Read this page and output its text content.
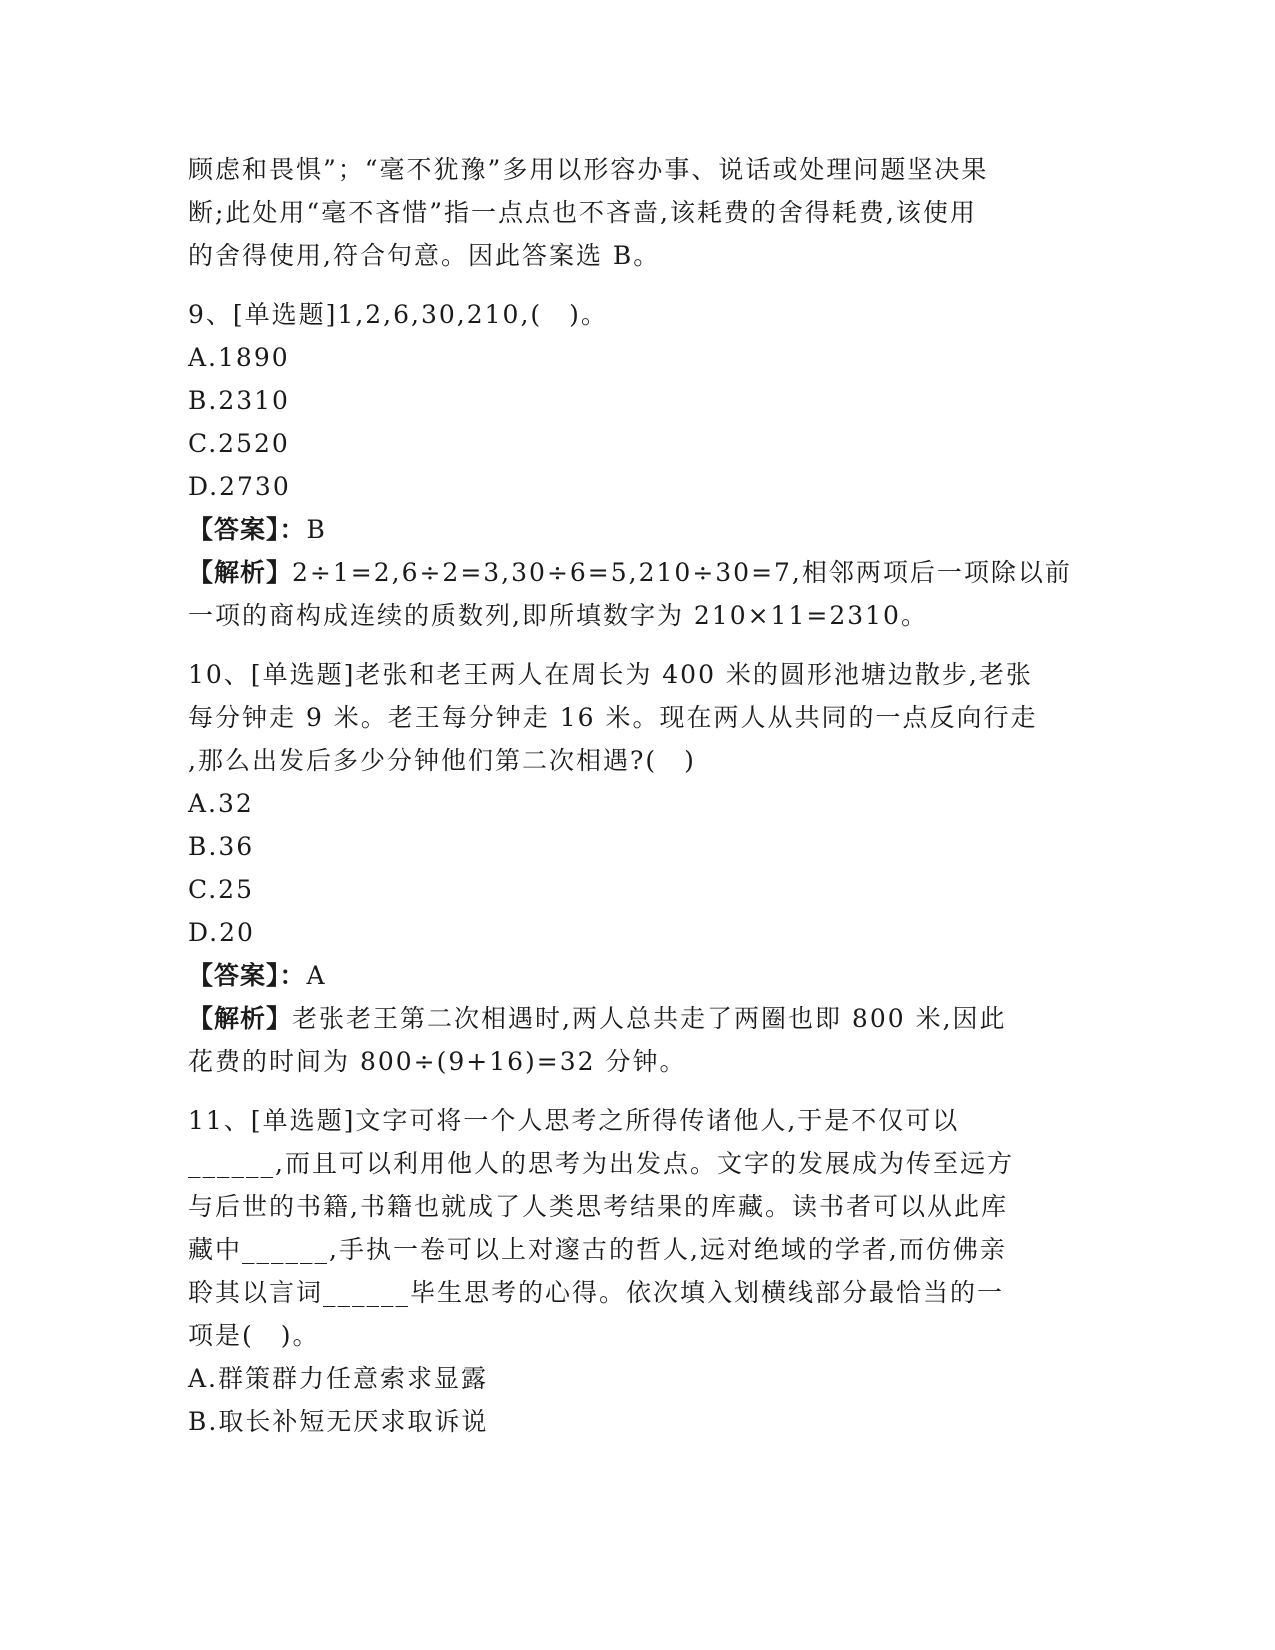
顾虑和畏惧”；“毫不犹豫”多用以形容办事、说话或处理问题坚决果
断;此处用“毫不吝惜”指一点点也不吝啬,该耗费的舍得耗费,该使用
的舍得使用,符合句意。因此答案选 B。
9、[单选题]1,2,6,30,210,(　)。
A.1890
B.2310
C.2520
D.2730
【答案】：B
【解析】2÷1=2,6÷2=3,30÷6=5,210÷30=7,相邻两项后一项除以前
一项的商构成连续的质数列,即所填数字为 210×11=2310。
10、[单选题]老张和老王两人在周长为 400 米的圆形池塘边散步,老张
每分钟走 9 米。老王每分钟走 16 米。现在两人从共同的一点反向行走
,那么出发后多少分钟他们第二次相遇?(　)
A.32
B.36
C.25
D.20
【答案】：A
【解析】老张老王第二次相遇时,两人总共走了两圈也即 800 米,因此
花费的时间为 800÷(9+16)=32 分钟。
11、[单选题]文字可将一个人思考之所得传诸他人,于是不仅可以
______,而且可以利用他人的思考为出发点。文字的发展成为传至远方
与后世的书籍,书籍也就成了人类思考结果的库藏。读书者可以从此库
藏中______,手执一卷可以上对邃古的哲人,远对绝域的学者,而仿佛亲
聆其以言词______毕生思考的心得。依次填入划横线部分最恰当的一
项是(　)。
A.群策群力任意索求显露
B.取长补短无厌求取诉说
